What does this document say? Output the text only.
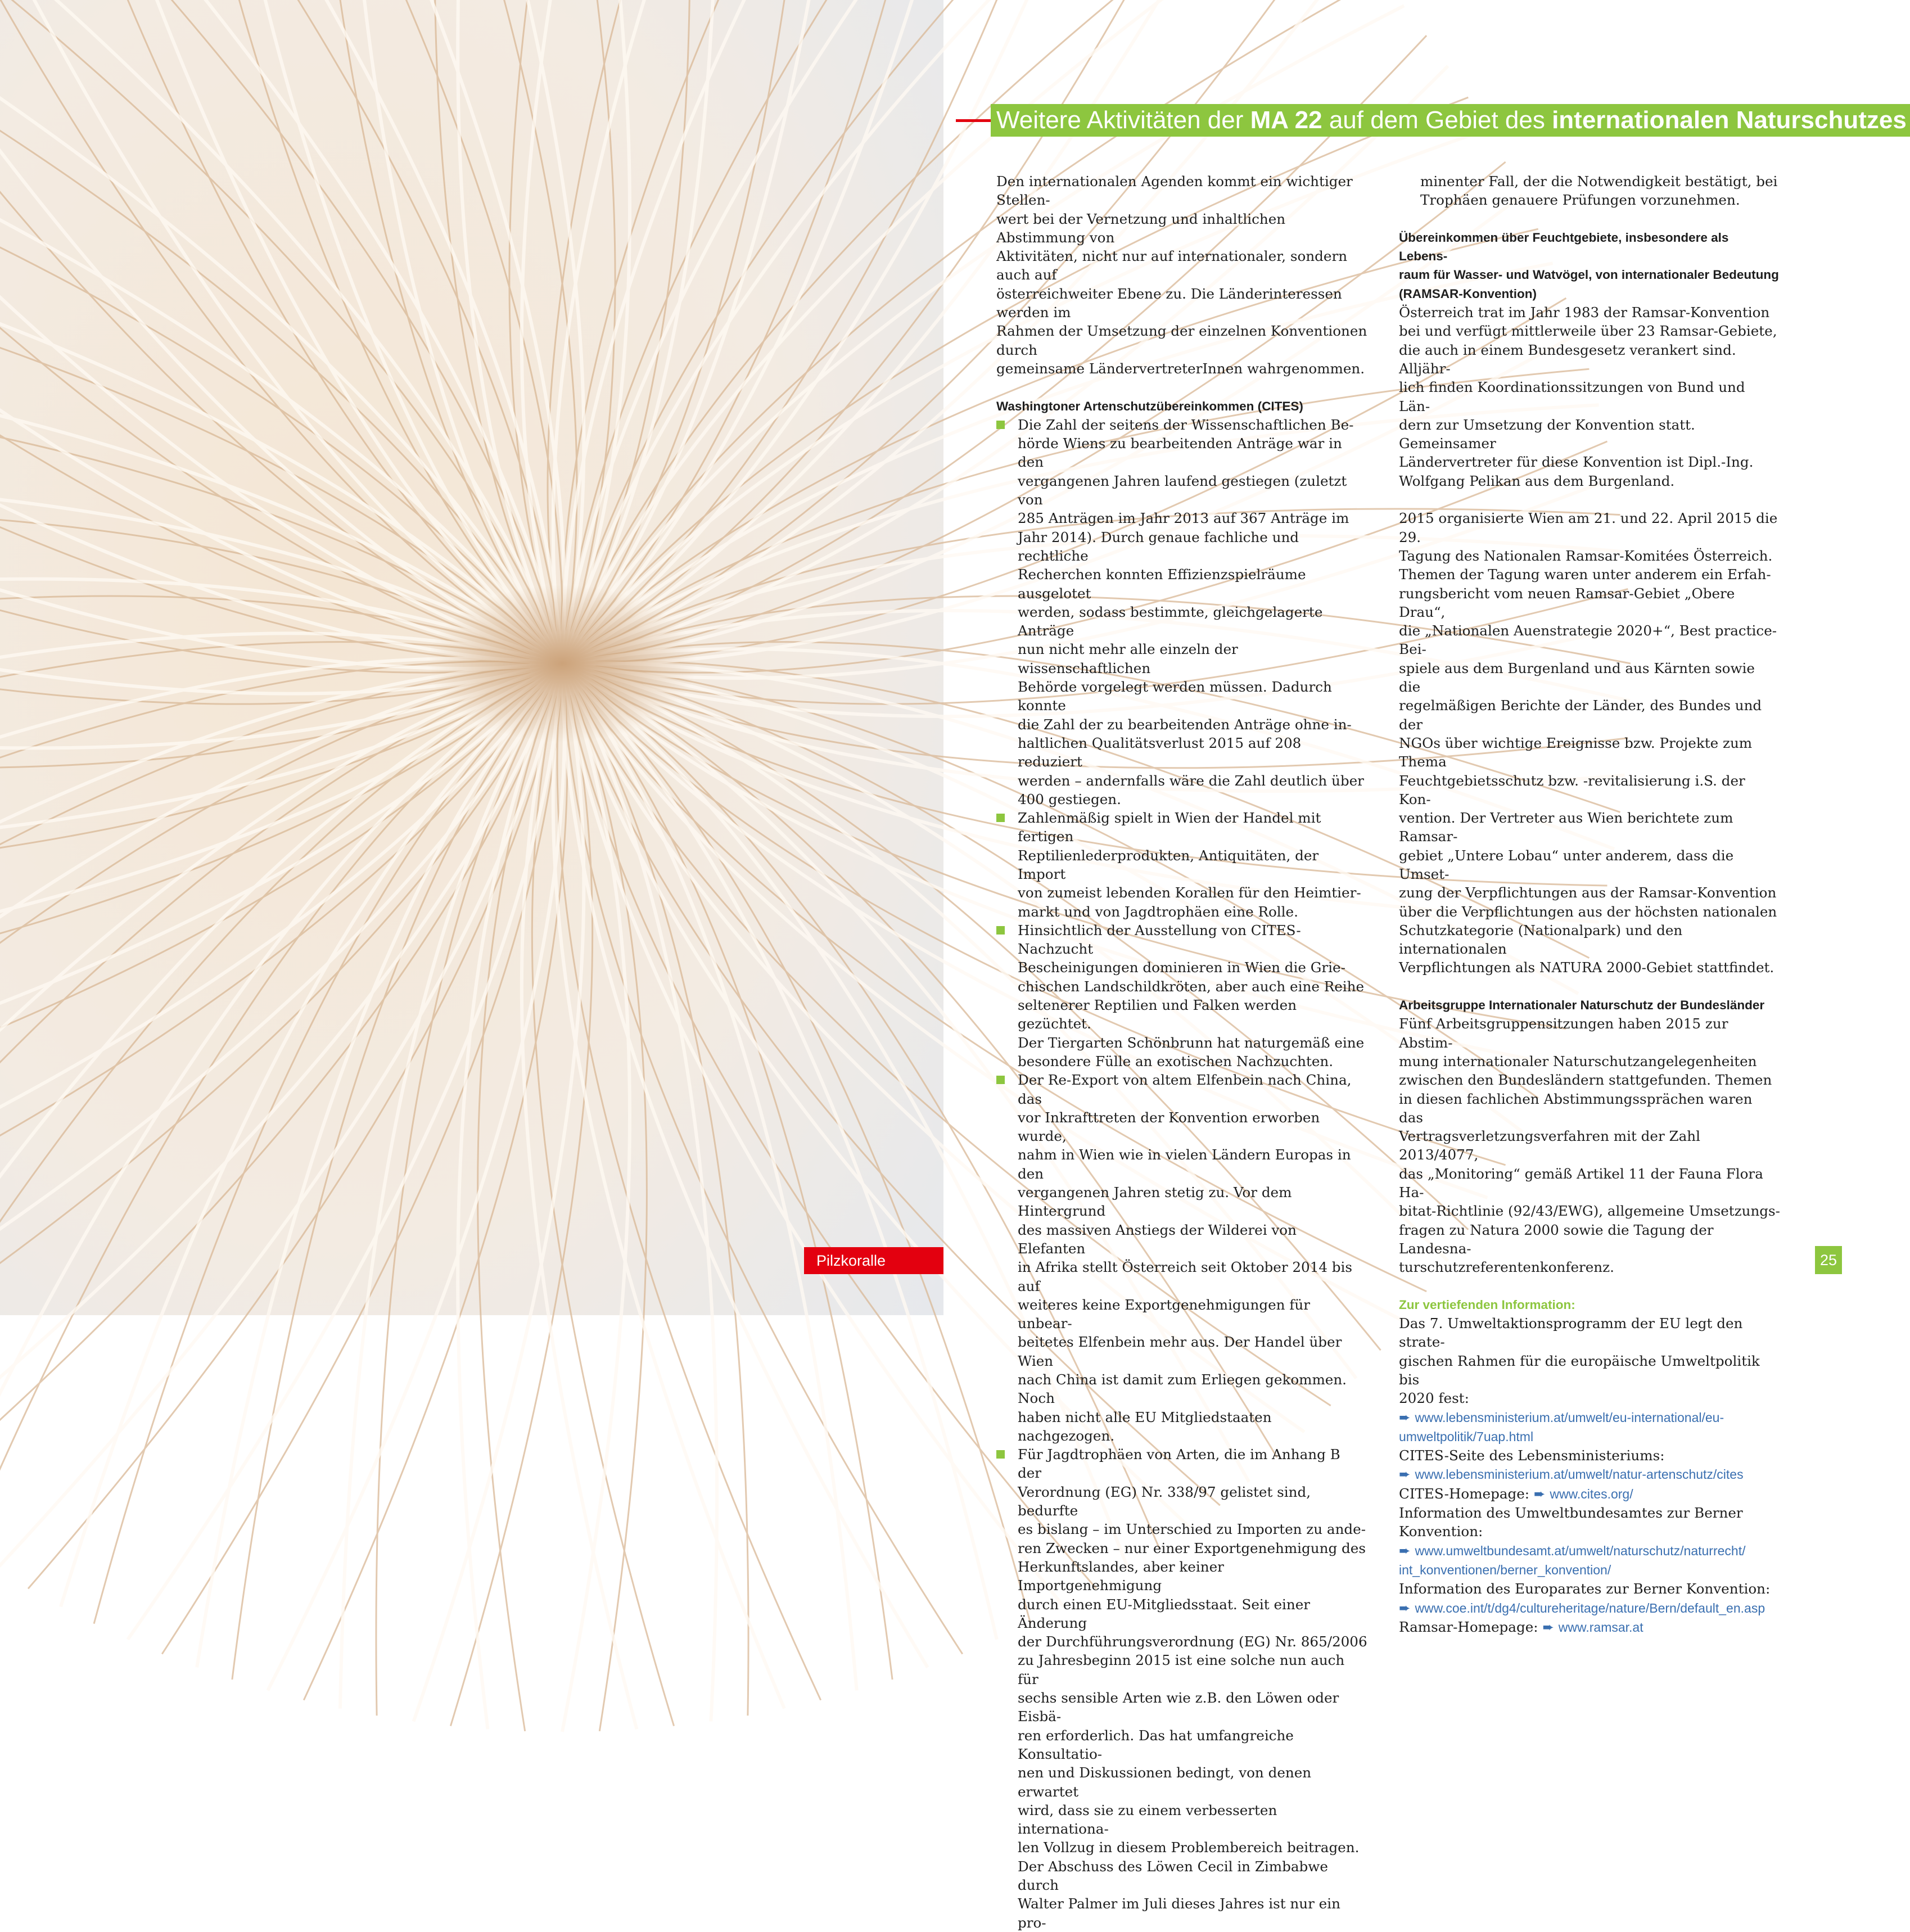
Pilzkoralle
Weitere Aktivitäten der MA 22 auf dem Gebiet des internationalen Naturschutzes
Den internationalen Agenden kommt ein wichtiger Stellen-
wert bei der Vernetzung und inhaltlichen Abstimmung von
Aktivitäten, nicht nur auf internationaler, sondern auch auf
österreichweiter Ebene zu. Die Länderinteressen werden im
Rahmen der Umsetzung der einzelnen Konventionen durch
gemeinsame LändervertreterInnen wahrgenommen.
Washingtoner Artenschutzübereinkommen (CITES)
Die Zahl der seitens der Wissenschaftlichen Be-
hörde Wiens zu bearbeitenden Anträge war in den
vergangenen Jahren laufend gestiegen (zuletzt von
285 Anträgen im Jahr 2013 auf 367 Anträge im
Jahr 2014). Durch genaue fachliche und rechtliche
Recherchen konnten Effizienzspielräume ausgelotet
werden, sodass bestimmte, gleichgelagerte Anträge
nun nicht mehr alle einzeln der wissenschaftlichen
Behörde vorgelegt werden müssen. Dadurch konnte
die Zahl der zu bearbeitenden Anträge ohne in-
haltlichen Qualitätsverlust 2015 auf 208 reduziert
werden – andernfalls wäre die Zahl deutlich über
400 gestiegen.
Zahlenmäßig spielt in Wien der Handel mit fertigen
Reptilienlederprodukten, Antiquitäten, der Import
von zumeist lebenden Korallen für den Heimtier-
markt und von Jagdtrophäen eine Rolle.
Hinsichtlich der Ausstellung von CITES-Nachzucht
Bescheinigungen dominieren in Wien die Grie-
chischen Landschildkröten, aber auch eine Reihe
seltenerer Reptilien und Falken werden gezüchtet.
Der Tiergarten Schönbrunn hat naturgemäß eine
besondere Fülle an exotischen Nachzuchten.
Der Re-Export von altem Elfenbein nach China, das
vor Inkrafttreten der Konvention erworben wurde,
nahm in Wien wie in vielen Ländern Europas in den
vergangenen Jahren stetig zu. Vor dem Hintergrund
des massiven Anstiegs der Wilderei von Elefanten
in Afrika stellt Österreich seit Oktober 2014 bis auf
weiteres keine Exportgenehmigungen für unbear-
beitetes Elfenbein mehr aus. Der Handel über Wien
nach China ist damit zum Erliegen gekommen. Noch
haben nicht alle EU Mitgliedstaaten nachgezogen.
Für Jagdtrophäen von Arten, die im Anhang B der
Verordnung (EG) Nr. 338/97 gelistet sind, bedurfte
es bislang – im Unterschied zu Importen zu ande-
ren Zwecken – nur einer Exportgenehmigung des
Herkunftslandes, aber keiner Importgenehmigung
durch einen EU-Mitgliedsstaat. Seit einer Änderung
der Durchführungsverordnung (EG) Nr. 865/2006
zu Jahresbeginn 2015 ist eine solche nun auch für
sechs sensible Arten wie z.B. den Löwen oder Eisbä-
ren erforderlich. Das hat umfangreiche Konsultatio-
nen und Diskussionen bedingt, von denen erwartet
wird, dass sie zu einem verbesserten internationa-
len Vollzug in diesem Problembereich beitragen.
Der Abschuss des Löwen Cecil in Zimbabwe durch
Walter Palmer im Juli dieses Jahres ist nur ein pro-
minenter Fall, der die Notwendigkeit bestätigt, bei
Trophäen genauere Prüfungen vorzunehmen.
Übereinkommen über Feuchtgebiete, insbesondere als Lebens-
raum für Wasser- und Watvögel, von internationaler Bedeutung
(RAMSAR-Konvention)
Österreich trat im Jahr 1983 der Ramsar-Konvention
bei und verfügt mittlerweile über 23 Ramsar-Gebiete,
die auch in einem Bundesgesetz verankert sind. Alljähr-
lich finden Koordinationssitzungen von Bund und Län-
dern zur Umsetzung der Konvention statt. Gemeinsamer
Ländervertreter für diese Konvention ist Dipl.-Ing.
Wolfgang Pelikan aus dem Burgenland.
2015 organisierte Wien am 21. und 22. April 2015 die 29.
Tagung des Nationalen Ramsar-Komitées Österreich.
Themen der Tagung waren unter anderem ein Erfah-
rungsbericht vom neuen Ramsar-Gebiet „Obere Drau“,
die „Nationalen Auenstrategie 2020+“, Best practice-Bei-
spiele aus dem Burgenland und aus Kärnten sowie die
regelmäßigen Berichte der Länder, des Bundes und der
NGOs über wichtige Ereignisse bzw. Projekte zum Thema
Feuchtgebietsschutz bzw. -revitalisierung i.S. der Kon-
vention. Der Vertreter aus Wien berichtete zum Ramsar-
gebiet „Untere Lobau“ unter anderem, dass die Umset-
zung der Verpflichtungen aus der Ramsar-Konvention
über die Verpflichtungen aus der höchsten nationalen
Schutzkategorie (Nationalpark) und den internationalen
Verpflichtungen als NATURA 2000-Gebiet stattfindet.
Arbeitsgruppe Internationaler Naturschutz der Bundesländer
Fünf Arbeitsgruppensitzungen haben 2015 zur Abstim-
mung internationaler Naturschutzangelegenheiten
zwischen den Bundesländern stattgefunden. Themen
in diesen fachlichen Abstimmungssprächen waren das
Vertragsverletzungsverfahren mit der Zahl 2013/4077,
das „Monitoring“ gemäß Artikel 11 der Fauna Flora Ha-
bitat-Richtlinie (92/43/EWG), allgemeine Umsetzungs-
fragen zu Natura 2000 sowie die Tagung der Landesna-
turschutzreferentenkonferenz.
Zur vertiefenden Information:
Das 7. Umweltaktionsprogramm der EU legt den strate-
gischen Rahmen für die europäische Umweltpolitik bis
2020 fest:
➨ www.lebensministerium.at/umwelt/eu-international/eu-
umweltpolitik/7uap.html
CITES-Seite des Lebensministeriums:
➨ www.lebensministerium.at/umwelt/natur-artenschutz/cites
CITES-Homepage: ➨ www.cites.org/
Information des Umweltbundesamtes zur Berner Konvention:
➨ www.umweltbundesamt.at/umwelt/naturschutz/naturrecht/
int_konventionen/berner_konvention/
Information des Europarates zur Berner Konvention:
➨ www.coe.int/t/dg4/cultureheritage/nature/Bern/default_en.asp
Ramsar-Homepage: ➨ www.ramsar.at
25
